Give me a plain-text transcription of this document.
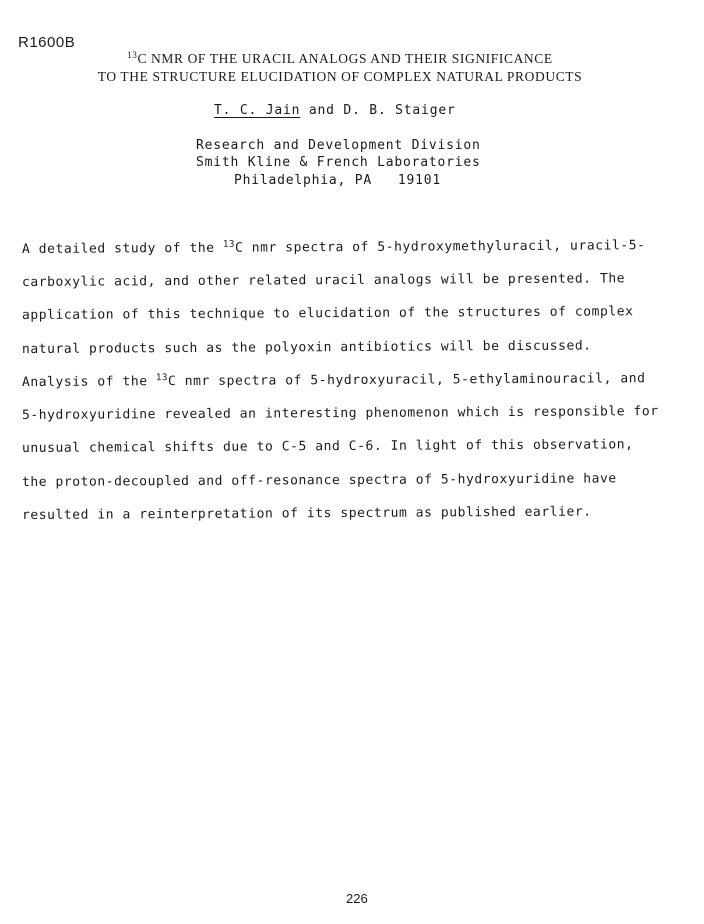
R1600B
$^{13}$C NMR OF THE URACIL ANALOGS AND THEIR SIGNIFICANCE
TO THE STRUCTURE ELUCIDATION OF COMPLEX NATURAL PRODUCTS
T. C. Jain and D. B. Staiger
Research and Development Division
Smith Kline & French Laboratories
Philadelphia, PA   19101
A detailed study of the $^{13}$C nmr spectra of 5-hydroxymethyluracil, uracil-5-
carboxylic acid, and other related uracil analogs will be presented. The
application of this technique to elucidation of the structures of complex
natural products such as the polyoxin antibiotics will be discussed.
Analysis of the $^{13}$C nmr spectra of 5-hydroxyuracil, 5-ethylaminouracil, and
5-hydroxyuridine revealed an interesting phenomenon which is responsible for
unusual chemical shifts due to C-5 and C-6. In light of this observation,
the proton-decoupled and off-resonance spectra of 5-hydroxyuridine have
resulted in a reinterpretation of its spectrum as published earlier.
226
